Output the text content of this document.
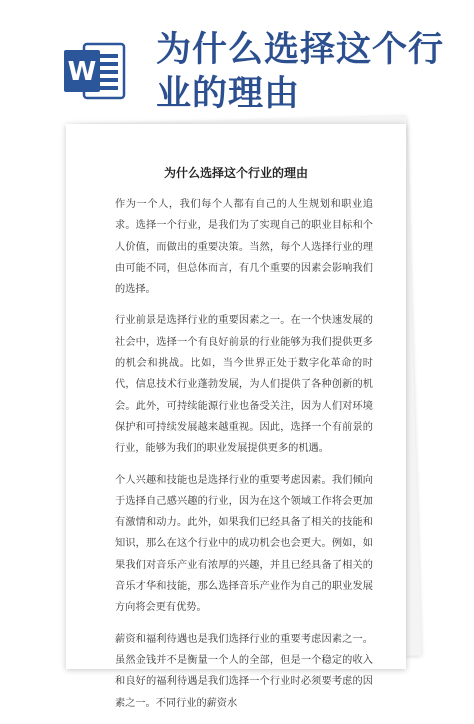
W
为什么选择这个行业的理由
为什么选择这个行业的理由

作为一个人，我们每个人都有自己的人生规划和职业追求。选择一个行业，是我们为了实现自己的职业目标和个人价值，而做出的重要决策。当然，每个人选择行业的理由可能不同，但总体而言，有几个重要的因素会影响我们的选择。

行业前景是选择行业的重要因素之一。在一个快速发展的社会中，选择一个有良好前景的行业能够为我们提供更多的机会和挑战。比如，当今世界正处于数字化革命的时代，信息技术行业蓬勃发展，为人们提供了各种创新的机会。此外，可持续能源行业也备受关注，因为人们对环境保护和可持续发展越来越重视。因此，选择一个有前景的行业，能够为我们的职业发展提供更多的机遇。

个人兴趣和技能也是选择行业的重要考虑因素。我们倾向于选择自己感兴趣的行业，因为在这个领域工作将会更加有激情和动力。此外，如果我们已经具备了相关的技能和知识，那么在这个行业中的成功机会也会更大。例如，如果我们对音乐产业有浓厚的兴趣，并且已经具备了相关的音乐才华和技能，那么选择音乐产业作为自己的职业发展方向将会更有优势。

薪资和福利待遇也是我们选择行业的重要考虑因素之一。虽然金钱并不是衡量一个人的全部，但是一个稳定的收入和良好的福利待遇是我们选择一个行业时必须要考虑的因素之一。不同行业的薪资水
